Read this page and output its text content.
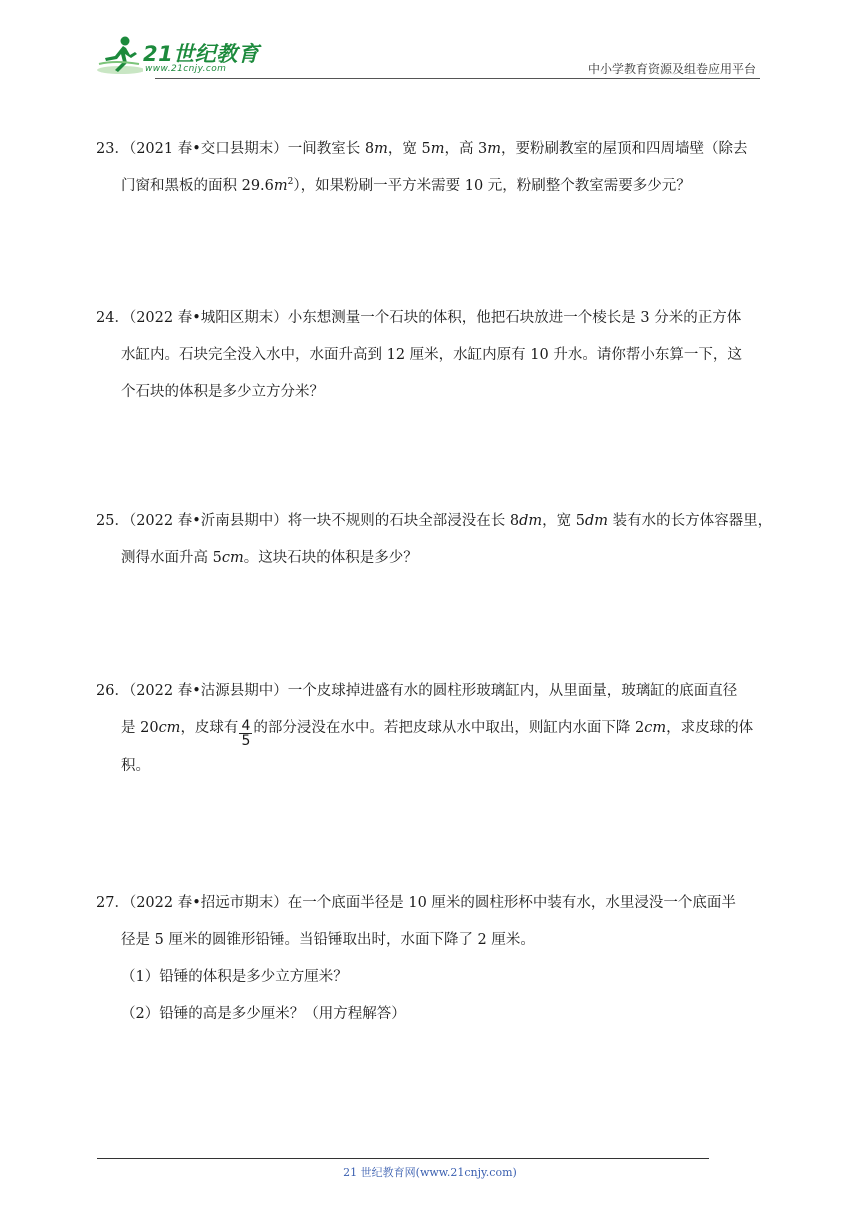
21世纪教育
www.21cnjy.com	中小学教育资源及组卷应用平台
23．（2021 春•交口县期末）一间教室长 8m，宽 5m，高 3m，要粉刷教室的屋顶和四周墙壁（除去
门窗和黑板的面积 $29.6m^2$），如果粉刷一平方米需要 10 元，粉刷整个教室需要多少元？
24．（2022 春•城阳区期末）小东想测量一个石块的体积，他把石块放进一个棱长是 3 分米的正方体
水缸内。石块完全没入水中，水面升高到 12 厘米，水缸内原有 10 升水。请你帮小东算一下，这
个石块的体积是多少立方分米？
25．（2022 春•沂南县期中）将一块不规则的石块全部浸没在长 8dm，宽 5dm 装有水的长方体容器里，
测得水面升高 5cm。这块石块的体积是多少？
26．（2022 春•沽源县期中）一个皮球掉进盛有水的圆柱形玻璃缸内，从里面量，玻璃缸的底面直径
是 20cm，皮球有 $\frac{4}{5}$ 的部分浸没在水中。若把皮球从水中取出，则缸内水面下降 2cm，求皮球的体
积。
27．（2022 春•招远市期末）在一个底面半径是 10 厘米的圆柱形杯中装有水，水里浸没一个底面半
径是 5 厘米的圆锥形铅锤。当铅锤取出时，水面下降了 2 厘米。
（1）铅锤的体积是多少立方厘米？
（2）铅锤的高是多少厘米？（用方程解答）
21 世纪教育网(www.21cnjy.com)
